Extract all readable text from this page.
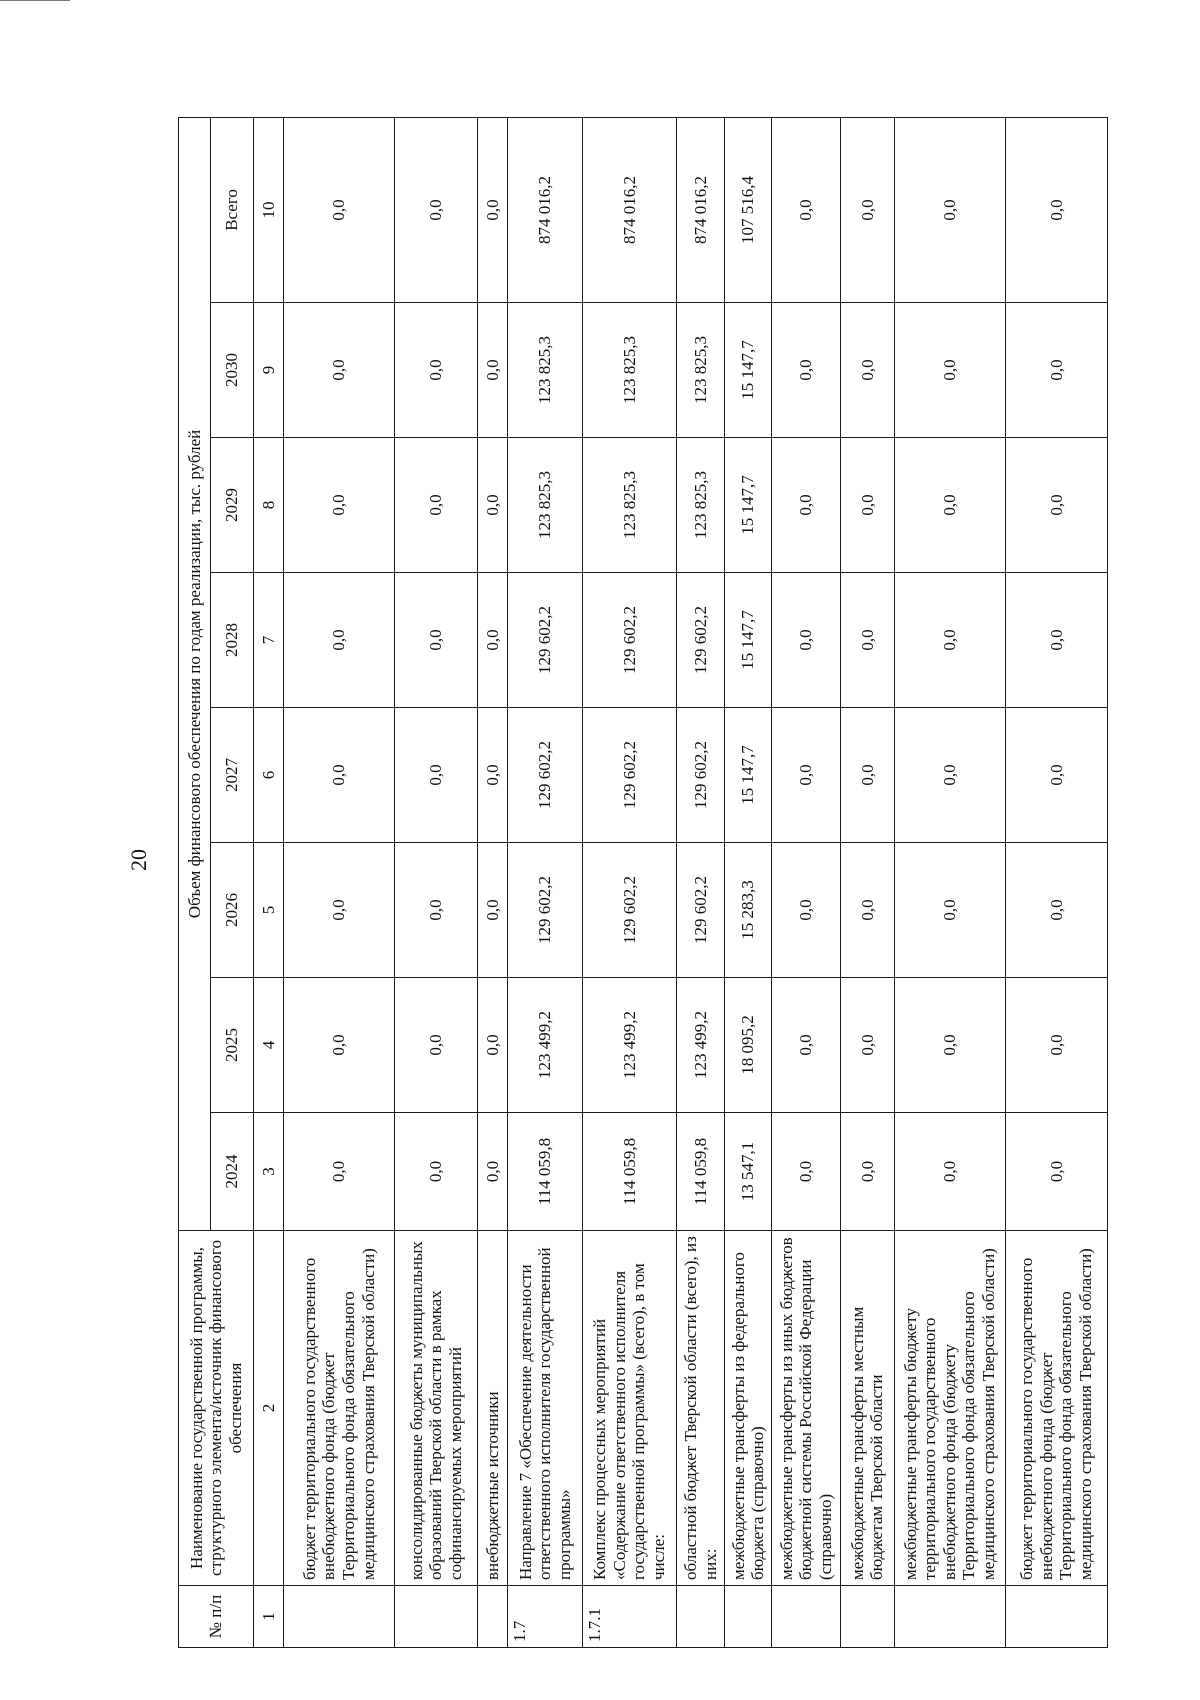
20
№ п/п	Наименование государственной программы, структурного элемента/источник финансового обеспечения	Объем финансового обеспечения по годам реализации, тыс. рублей							
		2024	2025	2026	2027	2028	2029	2030	Всего
1	2	3	4	5	6	7	8	9	10
	бюджет территориального государственного внебюджетного фонда (бюджет Территориального фонда обязательного медицинского страхования Тверской области)	0,0	0,0	0,0	0,0	0,0	0,0	0,0	0,0
	консолидированные бюджеты муниципальных образований Тверской области в рамках софинансируемых мероприятий	0,0	0,0	0,0	0,0	0,0	0,0	0,0	0,0
	внебюджетные источники	0,0	0,0	0,0	0,0	0,0	0,0	0,0	0,0
1.7	Направление 7 «Обеспечение деятельности ответственного исполнителя государственной программы»	114 059,8	123 499,2	129 602,2	129 602,2	129 602,2	123 825,3	123 825,3	874 016,2
1.7.1	Комплекс процессных мероприятий «Содержание ответственного исполнителя государственной программы» (всего), в том числе:	114 059,8	123 499,2	129 602,2	129 602,2	129 602,2	123 825,3	123 825,3	874 016,2
	областной бюджет Тверской области (всего), из них:	114 059,8	123 499,2	129 602,2	129 602,2	129 602,2	123 825,3	123 825,3	874 016,2
	межбюджетные трансферты из федерального бюджета (справочно)	13 547,1	18 095,2	15 283,3	15 147,7	15 147,7	15 147,7	15 147,7	107 516,4
	межбюджетные трансферты из иных бюджетов бюджетной системы Российской Федерации (справочно)	0,0	0,0	0,0	0,0	0,0	0,0	0,0	0,0
	межбюджетные трансферты местным бюджетам Тверской области	0,0	0,0	0,0	0,0	0,0	0,0	0,0	0,0
	межбюджетные трансферты бюджету территориального государственного внебюджетного фонда (бюджету Территориального фонда обязательного медицинского страхования Тверской области)	0,0	0,0	0,0	0,0	0,0	0,0	0,0	0,0
	бюджет территориального государственного внебюджетного фонда (бюджет Территориального фонда обязательного медицинского страхования Тверской области)	0,0	0,0	0,0	0,0	0,0	0,0	0,0	0,0
